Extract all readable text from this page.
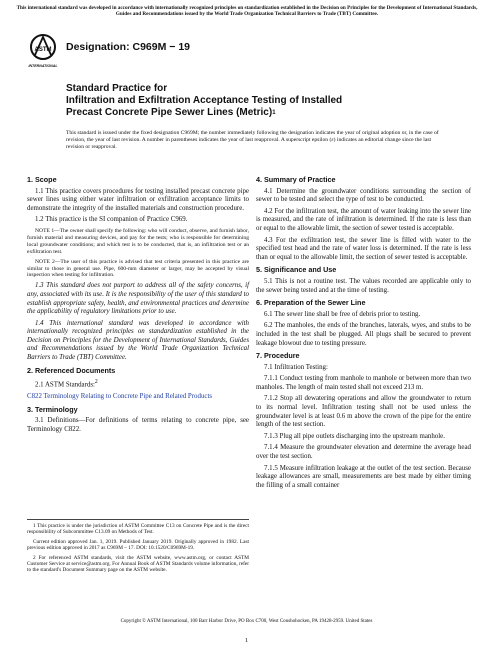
This international standard was developed in accordance with internationally recognized principles on standardization established in the Decision on Principles for the Development of International Standards, Guides and Recommendations issued by the World Trade Organization Technical Barriers to Trade (TBT) Committee.
ASTM
INTERNATIONAL
Designation: C969M − 19
Standard Practice for
Infiltration and Exfiltration Acceptance Testing of Installed
Precast Concrete Pipe Sewer Lines (Metric)$^1$
This standard is issued under the fixed designation C969M; the number immediately following the designation indicates the year of original adoption or, in the case of revision, the year of last revision. A number in parentheses indicates the year of last reapproval. A superscript epsilon (ε) indicates an editorial change since the last revision or reapproval.
1. Scope

1.1 This practice covers procedures for testing installed precast concrete pipe sewer lines using either water infiltration or exfiltration acceptance limits to demonstrate the integrity of the installed materials and construction procedure.

1.2 This practice is the SI companion of Practice C969.

NOTE 1—The owner shall specify the following: who will conduct, observe, and furnish labor, furnish material and measuring devices, and pay for the tests; who is responsible for determining local groundwater conditions; and which test is to be conducted, that is, an infiltration test or an exfiltration test.

NOTE 2—The user of this practice is advised that test criteria presented in this practice are similar to those in general use. Pipe, 600-mm diameter or larger, may be accepted by visual inspection when testing for infiltration.

1.3 This standard does not purport to address all of the safety concerns, if any, associated with its use. It is the responsibility of the user of this standard to establish appropriate safety, health, and environmental practices and determine the applicability of regulatory limitations prior to use.

1.4 This international standard was developed in accordance with internationally recognized principles on standardization established in the Decision on Principles for the Development of International Standards, Guides and Recommendations issued by the World Trade Organization Technical Barriers to Trade (TBT) Committee.

2. Referenced Documents

2.1 ASTM Standards:$^2$

C822 Terminology Relating to Concrete Pipe and Related Products

3. Terminology

3.1 Definitions—For definitions of terms relating to concrete pipe, see Terminology C822.

1 This practice is under the jurisdiction of ASTM Committee C13 on Concrete Pipe and is the direct responsibility of Subcommittee C13.09 on Methods of Test.

Current edition approved Jan. 1, 2019. Published January 2019. Originally approved in 1982. Last previous edition approved in 2017 as C969M – 17. DOI: 10.1520/C0969M-19.

2 For referenced ASTM standards, visit the ASTM website, www.astm.org, or contact ASTM Customer Service at service@astm.org. For Annual Book of ASTM Standards volume information, refer to the standard's Document Summary page on the ASTM website.

4. Summary of Practice

4.1 Determine the groundwater conditions surrounding the section of sewer to be tested and select the type of test to be conducted.

4.2 For the infiltration test, the amount of water leaking into the sewer line is measured, and the rate of infiltration is determined. If the rate is less than or equal to the allowable limit, the section of sewer tested is acceptable.

4.3 For the exfiltration test, the sewer line is filled with water to the specified test head and the rate of water loss is determined. If the rate is less than or equal to the allowable limit, the section of sewer tested is acceptable.

5. Significance and Use

5.1 This is not a routine test. The values recorded are applicable only to the sewer being tested and at the time of testing.

6. Preparation of the Sewer Line

6.1 The sewer line shall be free of debris prior to testing.

6.2 The manholes, the ends of the branches, laterals, wyes, and stubs to be included in the test shall be plugged. All plugs shall be secured to prevent leakage blowout due to testing pressure.

7. Procedure

7.1 Infiltration Testing:

7.1.1 Conduct testing from manhole to manhole or between more than two manholes. The length of main tested shall not exceed 213 m.

7.1.2 Stop all dewatering operations and allow the groundwater to return to its normal level. Infiltration testing shall not be used unless the groundwater level is at least 0.6 m above the crown of the pipe for the entire length of the test section.

7.1.3 Plug all pipe outlets discharging into the upstream manhole.

7.1.4 Measure the groundwater elevation and determine the average head over the test section.

7.1.5 Measure infiltration leakage at the outlet of the test section. Because leakage allowances are small, measurements are best made by either timing the filling of a small container

Copyright © ASTM International, 100 Barr Harbor Drive, PO Box C700, West Conshohocken, PA 19428-2959. United States
1
